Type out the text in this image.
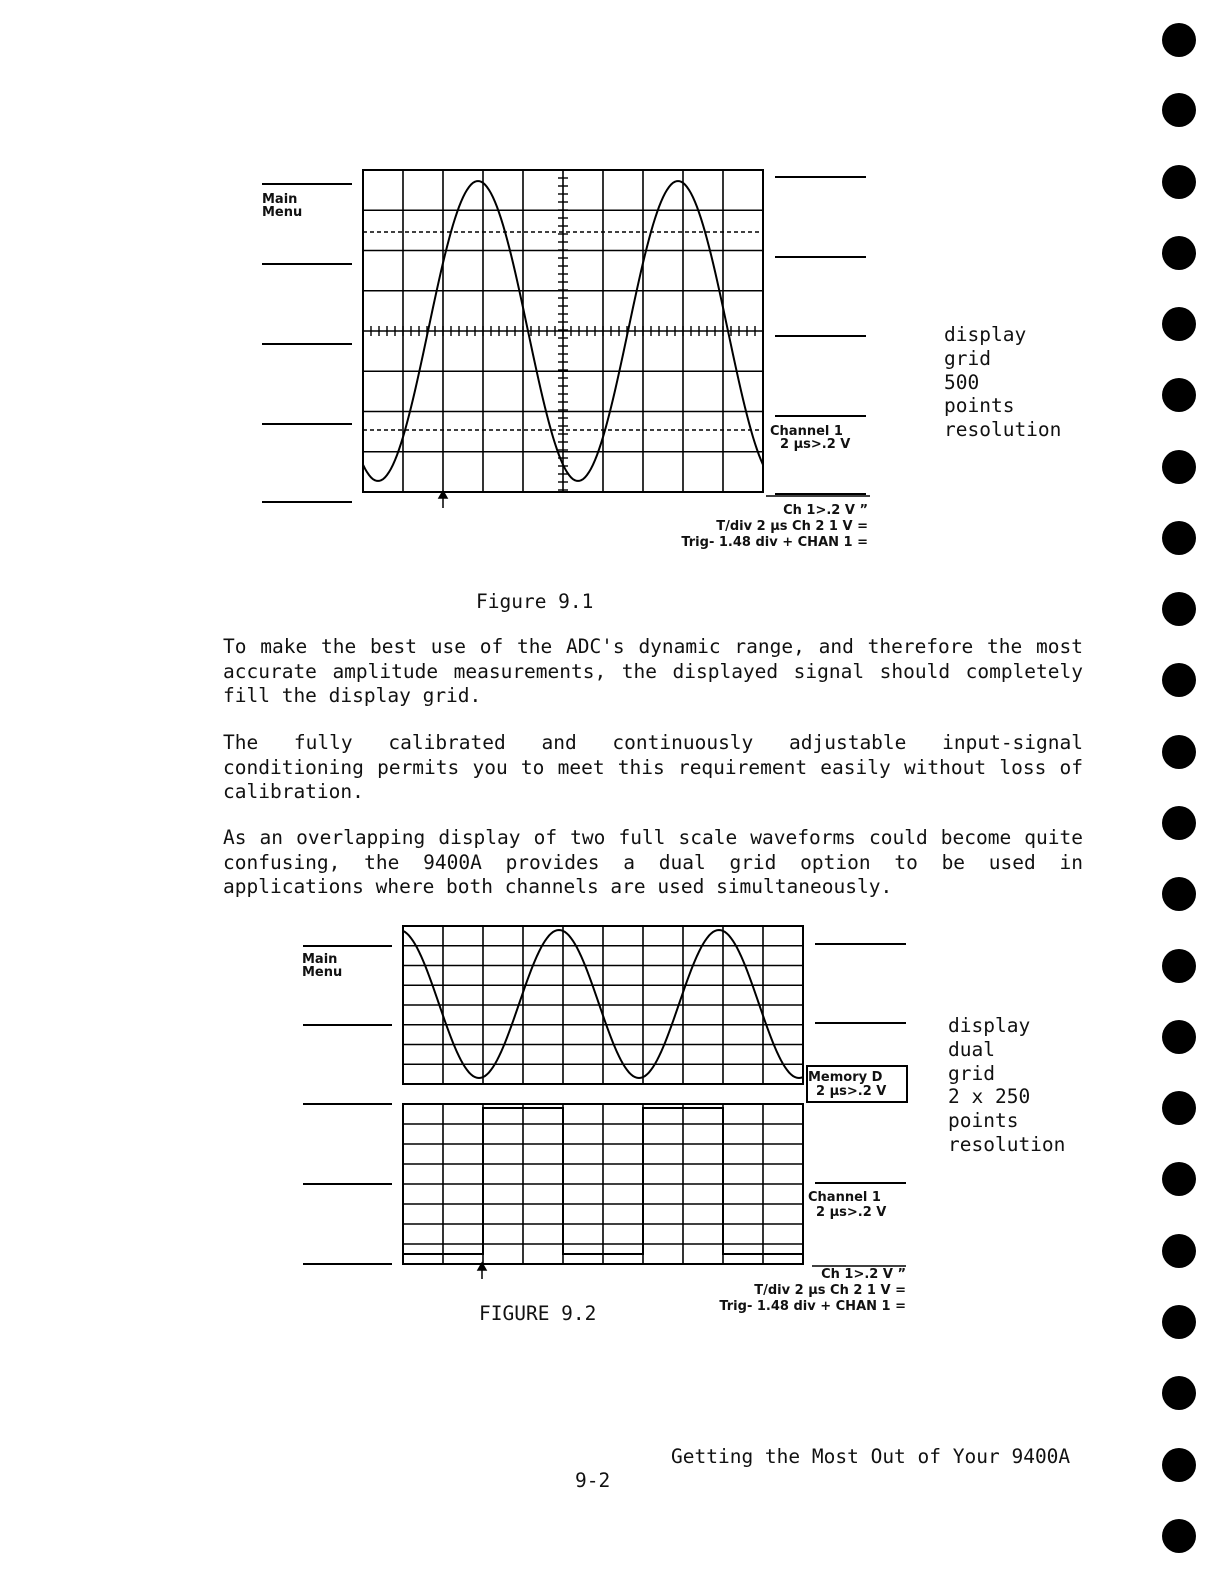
Main
Menu
Channel 1
2 µs>.2 V
Ch 1>.2 V ”
T/div 2 µs Ch 2 1 V =
Trig- 1.48 div + CHAN 1 =
display
grid
500
points
resolution
Figure 9.1
To make the best use of the ADC's dynamic range, and therefore the most accurate amplitude measurements, the displayed signal should completely fill the display grid.
The fully calibrated and continuously adjustable input-signal conditioning permits you to meet this requirement easily without loss of calibration.
As an overlapping display of two full scale waveforms could become quite confusing, the 9400A provides a dual grid option to be used in applications where both channels are used simultaneously.
Main
Menu
Memory D
2 µs>.2 V
Channel 1
2 µs>.2 V
Ch 1>.2 V ”
T/div 2 µs Ch 2 1 V =
Trig- 1.48 div + CHAN 1 =
display
dual
grid
2 x 250
points
resolution
FIGURE 9.2
Getting the Most Out of Your 9400A
9-2
